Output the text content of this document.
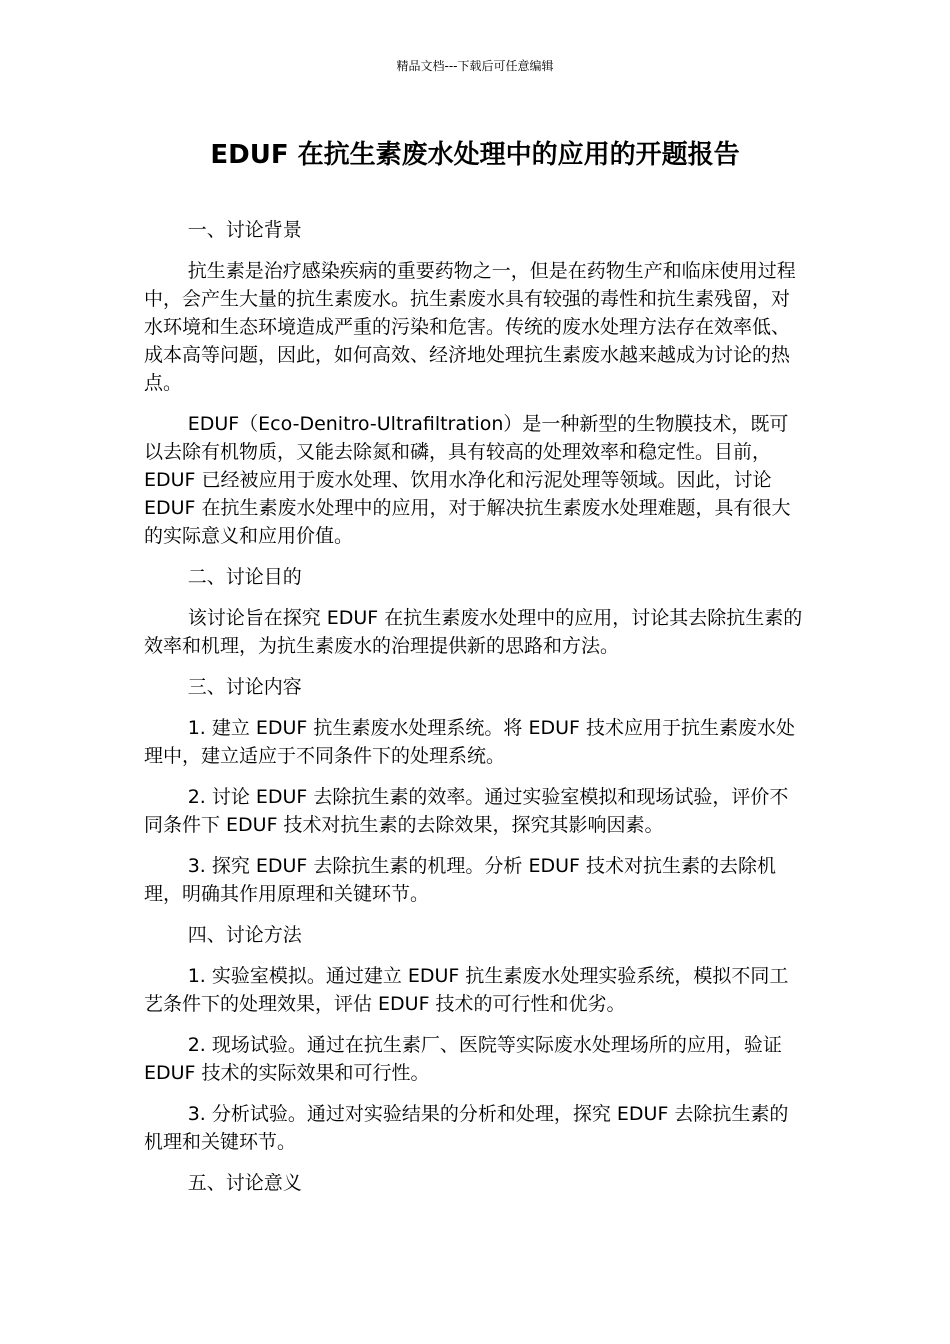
精品文档---下载后可任意编辑
EDUF 在抗生素废水处理中的应用的开题报告

一、讨论背景

抗生素是治疗感染疾病的重要药物之一，但是在药物生产和临床使用过程中，会产生大量的抗生素废水。抗生素废水具有较强的毒性和抗生素残留，对水环境和生态环境造成严重的污染和危害。传统的废水处理方法存在效率低、成本高等问题，因此，如何高效、经济地处理抗生素废水越来越成为讨论的热点。

EDUF（Eco-Denitro-Ultrafiltration）是一种新型的生物膜技术，既可以去除有机物质，又能去除氮和磷，具有较高的处理效率和稳定性。目前，EDUF 已经被应用于废水处理、饮用水净化和污泥处理等领域。因此，讨论 EDUF 在抗生素废水处理中的应用，对于解决抗生素废水处理难题，具有很大的实际意义和应用价值。

二、讨论目的

该讨论旨在探究 EDUF 在抗生素废水处理中的应用，讨论其去除抗生素的效率和机理，为抗生素废水的治理提供新的思路和方法。

三、讨论内容

1. 建立 EDUF 抗生素废水处理系统。将 EDUF 技术应用于抗生素废水处理中，建立适应于不同条件下的处理系统。

2. 讨论 EDUF 去除抗生素的效率。通过实验室模拟和现场试验，评价不同条件下 EDUF 技术对抗生素的去除效果，探究其影响因素。

3. 探究 EDUF 去除抗生素的机理。分析 EDUF 技术对抗生素的去除机理，明确其作用原理和关键环节。

四、讨论方法

1. 实验室模拟。通过建立 EDUF 抗生素废水处理实验系统，模拟不同工艺条件下的处理效果，评估 EDUF 技术的可行性和优劣。

2. 现场试验。通过在抗生素厂、医院等实际废水处理场所的应用，验证 EDUF 技术的实际效果和可行性。

3. 分析试验。通过对实验结果的分析和处理，探究 EDUF 去除抗生素的机理和关键环节。

五、讨论意义
